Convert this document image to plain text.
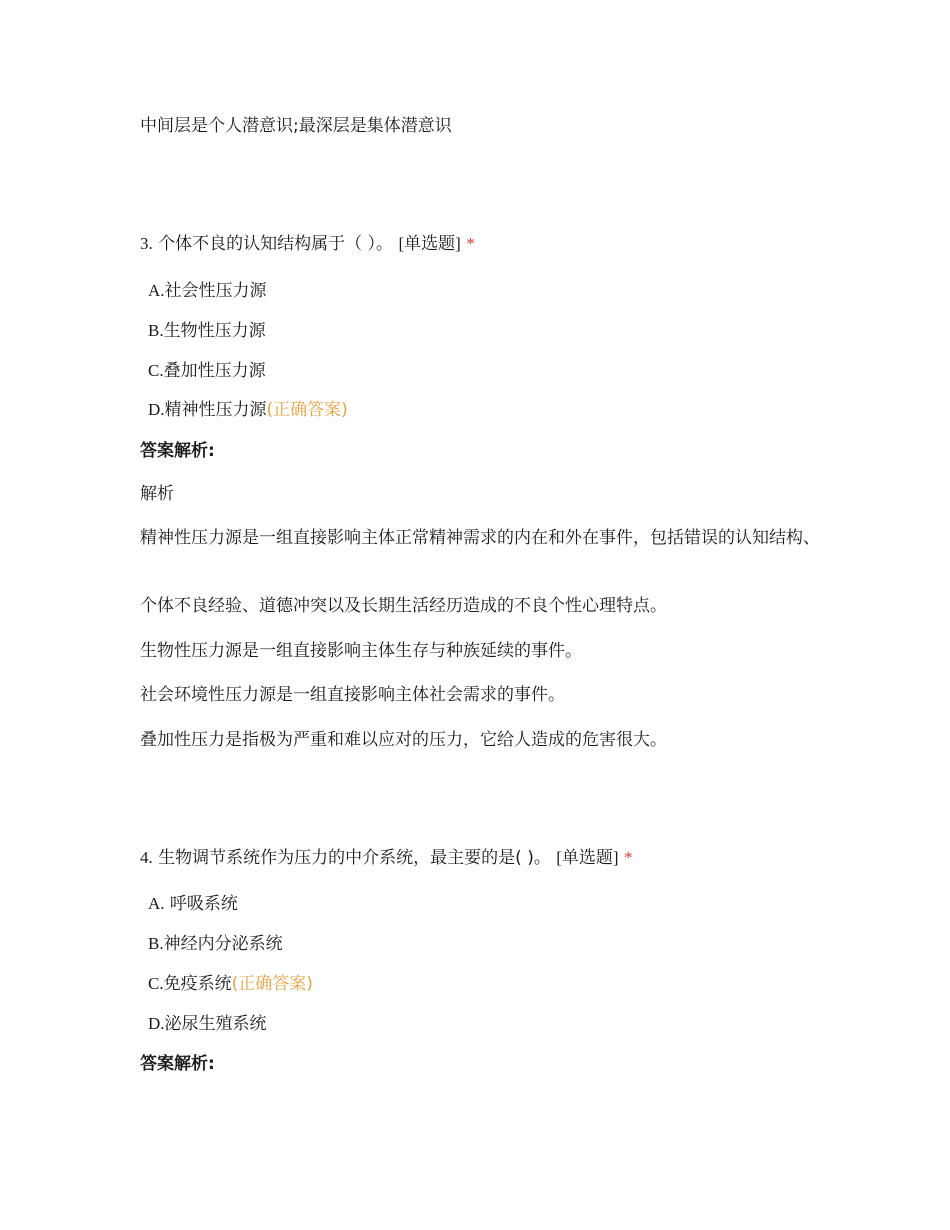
中间层是个人潜意识;最深层是集体潜意识

3. 个体不良的认知结构属于（ ）。 [单选题] *

A.社会性压力源

B.生物性压力源

C.叠加性压力源

D.精神性压力源(正确答案)

答案解析:

解析

精神性压力源是一组直接影响主体正常精神需求的内在和外在事件，包括错误的认知结构、

个体不良经验、道德冲突以及长期生活经历造成的不良个性心理特点。

生物性压力源是一组直接影响主体生存与种族延续的事件。

社会环境性压力源是一组直接影响主体社会需求的事件。

叠加性压力是指极为严重和难以应对的压力，它给人造成的危害很大。

4. 生物调节系统作为压力的中介系统，最主要的是( )。 [单选题] *

A. 呼吸系统

B.神经内分泌系统

C.免疫系统(正确答案)

D.泌尿生殖系统

答案解析:
